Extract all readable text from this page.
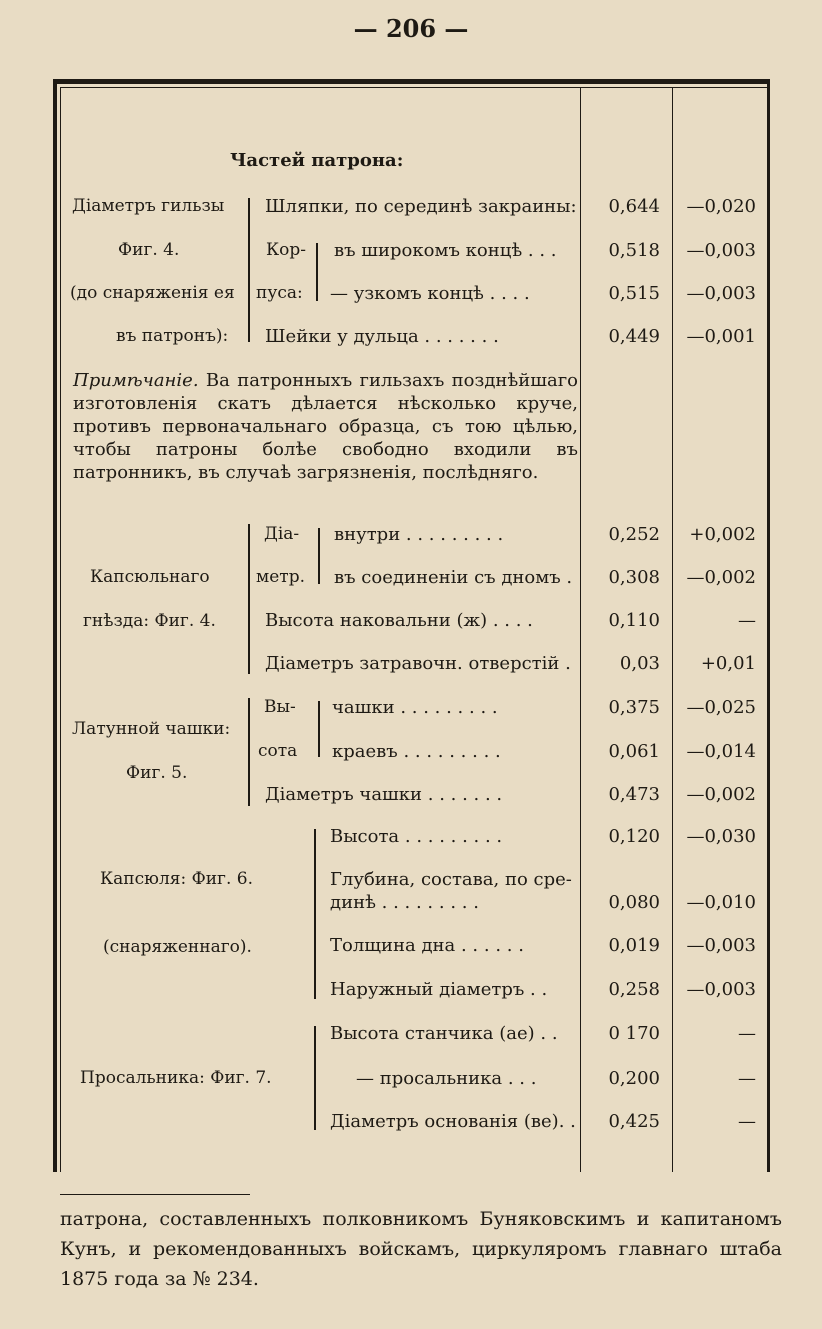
— 206 —
Частей патрона:
Діаметръ гильзы
Фиг. 4.
(до снаряженія ея
въ патронъ):
Кор-
пуса:
Шляпки, по серединѣ закраины:	0,644	—0,020
въ широкомъ концѣ . . .	0,518	—0,003
— узкомъ концѣ . . . .	0,515	—0,003
Шейки у дульца . . . . . . .	0,449	—0,001
Примѣчаніе. Ва патронныхъ гильзахъ позднѣйшаго изготовленія скатъ дѣлается нѣсколько круче, противъ первоначальнаго образца, съ тою цѣлью, чтобы патроны болѣе свободно входили въ патронникъ, въ случаѣ загрязненія, послѣдняго.
Капсюльнаго
гнѣзда: Фиг. 4.
Діа-
метр.
внутри . . . . . . . . .	0,252	+0,002
въ соединеніи съ дномъ .	0,308	—0,002
Высота наковальни (ж) . . . .	0,110	—
Діаметръ затравочн. отверстій .	0,03	+0,01
Латунной чашки:
Фиг. 5.
Вы-
сота
чашки . . . . . . . . .	0,375	—0,025
краевъ . . . . . . . . .	0,061	—0,014
Діаметръ чашки . . . . . . .	0,473	—0,002
Капсюля: Фиг. 6.
(снаряженнаго).
Высота . . . . . . . . .	0,120	—0,030
Глубина, состава, по сре-
динѣ . . . . . . . . .	0,080	—0,010
Толщина дна . . . . . .	0,019	—0,003
Наружный діаметръ . .	0,258	—0,003
Просальника: Фиг. 7.
Высота станчика (ае) . .	0 170	—
— просальника . . .	0,200	—
Діаметръ основанія (ве). .	0,425	—
патрона, составленныхъ полковникомъ Буняковскимъ и капитаномъ Кунъ, и рекомендованныхъ войскамъ, циркуляромъ главнаго штаба 1875 года за № 234.
